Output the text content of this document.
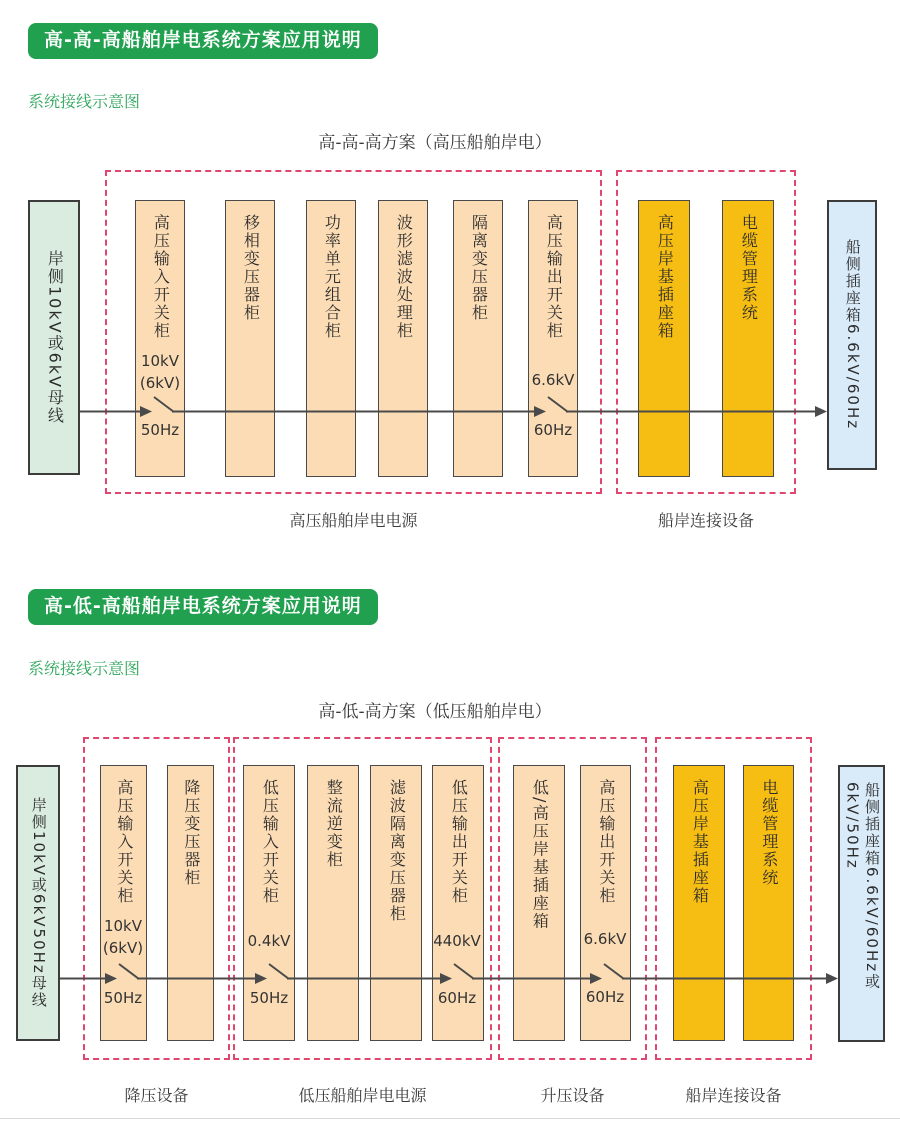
高-高-高船舶岸电系统方案应用说明
系统接线示意图
高-高-高方案（高压船舶岸电）
岸侧10kV或6kV母线	高压输入开关柜	移相变压器柜	功率单元组合柜	波形滤波处理柜	隔离变压器柜	高压输出开关柜	高压岸基插座箱	电缆管理系统	船侧插座箱6.6kV/60Hz
10kV
(6kV)
50Hz
6.6kV
60Hz
高压船舶岸电电源	船岸连接设备
高-低-高船舶岸电系统方案应用说明
系统接线示意图
高-低-高方案（低压船舶岸电）
岸侧10kV或6kV50Hz母线	高压输入开关柜	降压变压器柜	低压输入开关柜	整流逆变柜	滤波隔离变压器柜	低压输出开关柜	低/高压岸基插座箱	高压输出开关柜	高压岸基插座箱	电缆管理系统	船侧插座箱6.6kV/60Hz或6kV/50Hz
10kV
(6kV)
50Hz
0.4kV
50Hz
440kV
60Hz
6.6kV
60Hz
降压设备	低压船舶岸电电源	升压设备	船岸连接设备
